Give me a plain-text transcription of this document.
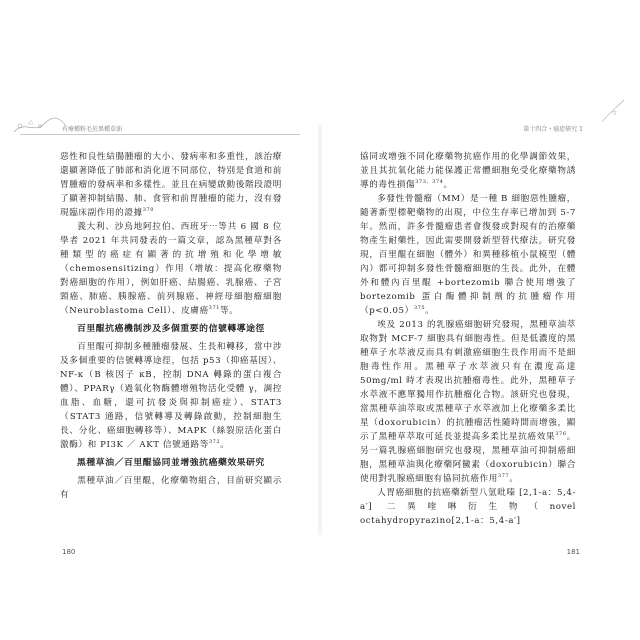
有療種粉毛於黑種草油

惡性和良性結腸腫瘤的大小、發病率和多重性，該治療還顯著降低了肺部和消化道不同部位，特別是食道和前胃腫瘤的發病率和多樣性。並且在病變啟動後階段證明了顯著抑制結腸、肺、食管和前胃腫瘤的能力，沒有發現臨床副作用的證據$^{370}$

義大利、沙烏地阿拉伯、西班牙⋯等共 6 國 8 位學者 2021 年共同發表的一篇文章，認為黑種草對各種類型的癌症有顯著的抗增殖和化學增敏（chemosensitizing）作用（增敏：提高化療藥物對癌細胞的作用），例如肝癌、結腸癌、乳腺癌、子宮頸癌、肺癌、胰腺癌、前列腺癌、神經母細胞瘤細胞（Neuroblastoma Cell）、皮膚癌$^{371}$等。

百里醌抗癌機制涉及多個重要的信號轉導途徑

百里醌可抑制多種腫瘤發展、生長和轉移，當中涉及多個重要的信號轉導途徑，包括 p53（抑癌基因）、NF-κ（B 核因子 κB，控制 DNA 轉錄的蛋白複合體）、PPARγ（過氧化物酶體增殖物活化受體 γ，調控血脂、血糖，還可抗發炎與抑制癌症）、STAT3（STAT3 通路，信號轉導及轉錄啟動，控制細胞生長、分化、癌細胞轉移等）、MAPK（絲裂原活化蛋白激酶）和 PI3K ／ AKT 信號通路等$^{372}$。

黑種草油／百里醌協同並增強抗癌藥效果研究

黑種草油／百里醌，化療藥物組合，目前研究顯示有

180
第十四合・癌症研究 1

協同或增強不同化療藥物抗癌作用的化學調節效果，並且其抗氧化能力能保護正常體細胞免受化療藥物誘導的毒性損傷$^{373、374}$。

多發性骨髓瘤（MM）是一種 B 細胞惡性腫瘤，隨著新型標靶藥物的出現，中位生存率已增加到 5-7 年。然而，許多骨髓瘤患者會復發或對現有的治療藥物產生耐藥性，因此需要開發新型替代療法。研究發現，百里醌在細胞（體外）和異種移植小鼠模型（體內）都可抑制多發性骨髓瘤細胞的生長。此外，在體外和體內百里醌 +bortezomib 聯合使用增強了 bortezomib 蛋白酶體抑制劑的抗腫瘤作用（p<0.05）$^{375}$。

埃及 2013 的乳腺癌細胞研究發現，黑種草油萃取物對 MCF-7 細胞具有細胞毒性。但是低濃度的黑種草子水萃液反而具有刺激癌細胞生長作用而不是細胞毒性作用。黑種草子水萃液只有在濃度高達 50mg/ml 時才表現出抗腫瘤毒性。此外，黑種草子水萃液不應單獨用作抗腫瘤化合物。該研究也發現，當黑種草油萃取或黑種草子水萃液加上化療藥多柔比星（doxorubicin）的抗腫瘤活性隨時間而增強，顯示了黑種草萃取可延長並提高多柔比星抗癌效果$^{376}$。另一篇乳腺癌細胞研究也發現，黑種草油可抑制癌細胞，黑種草油與化療藥阿黴素（doxorubicin）聯合使用對乳腺癌細胞有協同抗癌作用$^{377}$。

人胃癌細胞的抗癌藥新型八氫吡嗪 [2,1-a：5,4-a′] 二異喹啉衍生物（novel octahydropyrazino[2,1-a：5,4-a′]

181
